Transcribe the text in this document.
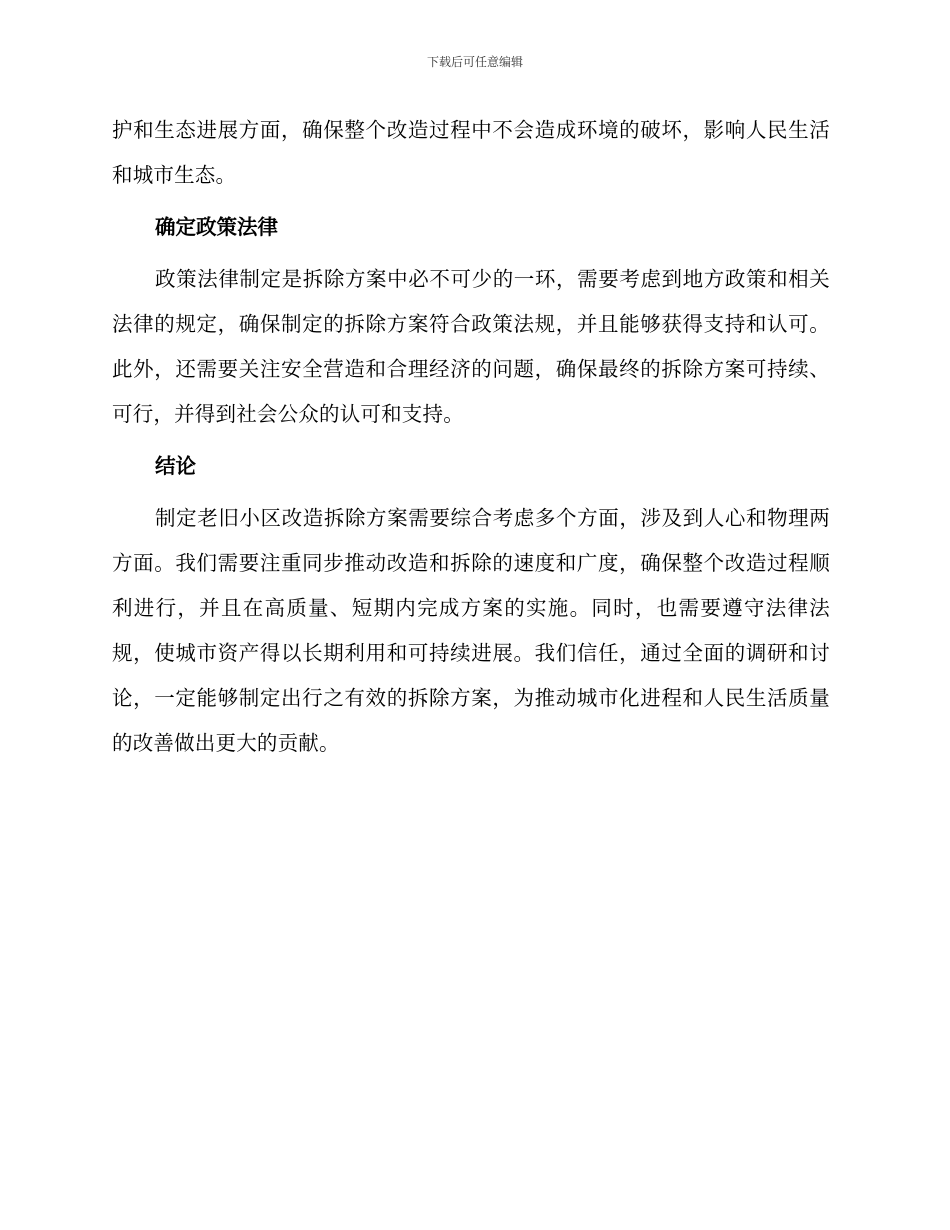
下载后可任意编辑

护和生态进展方面，确保整个改造过程中不会造成环境的破坏，影响人民生活和城市生态。

确定政策法律

政策法律制定是拆除方案中必不可少的一环，需要考虑到地方政策和相关法律的规定，确保制定的拆除方案符合政策法规，并且能够获得支持和认可。此外，还需要关注安全营造和合理经济的问题，确保最终的拆除方案可持续、可行，并得到社会公众的认可和支持。

结论

制定老旧小区改造拆除方案需要综合考虑多个方面，涉及到人心和物理两方面。我们需要注重同步推动改造和拆除的速度和广度，确保整个改造过程顺利进行，并且在高质量、短期内完成方案的实施。同时，也需要遵守法律法规，使城市资产得以长期利用和可持续进展。我们信任，通过全面的调研和讨论，一定能够制定出行之有效的拆除方案，为推动城市化进程和人民生活质量的改善做出更大的贡献。
